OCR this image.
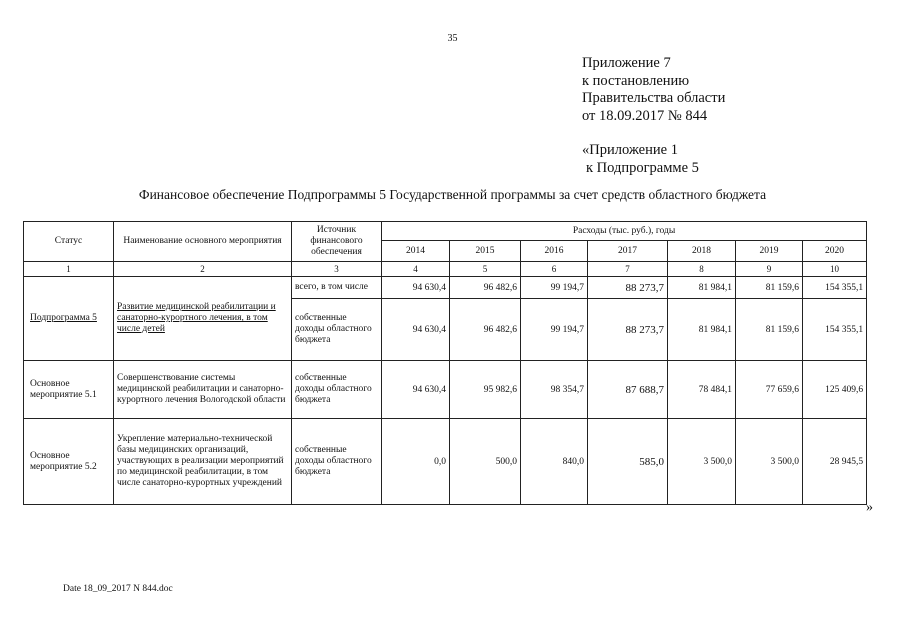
35
Приложение 7
к постановлению
Правительства области
от 18.09.2017 № 844
«Приложение 1
к Подпрограмме 5
Финансовое обеспечение Подпрограммы 5 Государственной программы за счет средств областного бюджета
Статус	Наименование основного мероприятия	Источник финансового обеспечения	Расходы (тыс. руб.), годы						
			2014	2015	2016	2017	2018	2019	2020
1	2	3	4	5	6	7	8	9	10
Подпрограмма 5	Развитие медицинской реабилитации и санаторно-курортного лечения, в том числе детей	всего, в том числе	94 630,4	96 482,6	99 194,7	88 273,7	81 984,1	81 159,6	154 355,1
		собственные доходы областного бюджета	94 630,4	96 482,6	99 194,7	88 273,7	81 984,1	81 159,6	154 355,1
Основное мероприятие 5.1	Совершенствование системы медицинской реабилитации и санаторно-курортного лечения Вологодской области	собственные доходы областного бюджета	94 630,4	95 982,6	98 354,7	87 688,7	78 484,1	77 659,6	125 409,6
Основное мероприятие 5.2	Укрепление материально-технической базы медицинских организаций, участвующих в реализации мероприятий по медицинской реабилитации, в том числе санаторно-курортных учреждений	собственные доходы областного бюджета	0,0	500,0	840,0	585,0	3 500,0	3 500,0	28 945,5
»
Date 18_09_2017 N 844.doc
